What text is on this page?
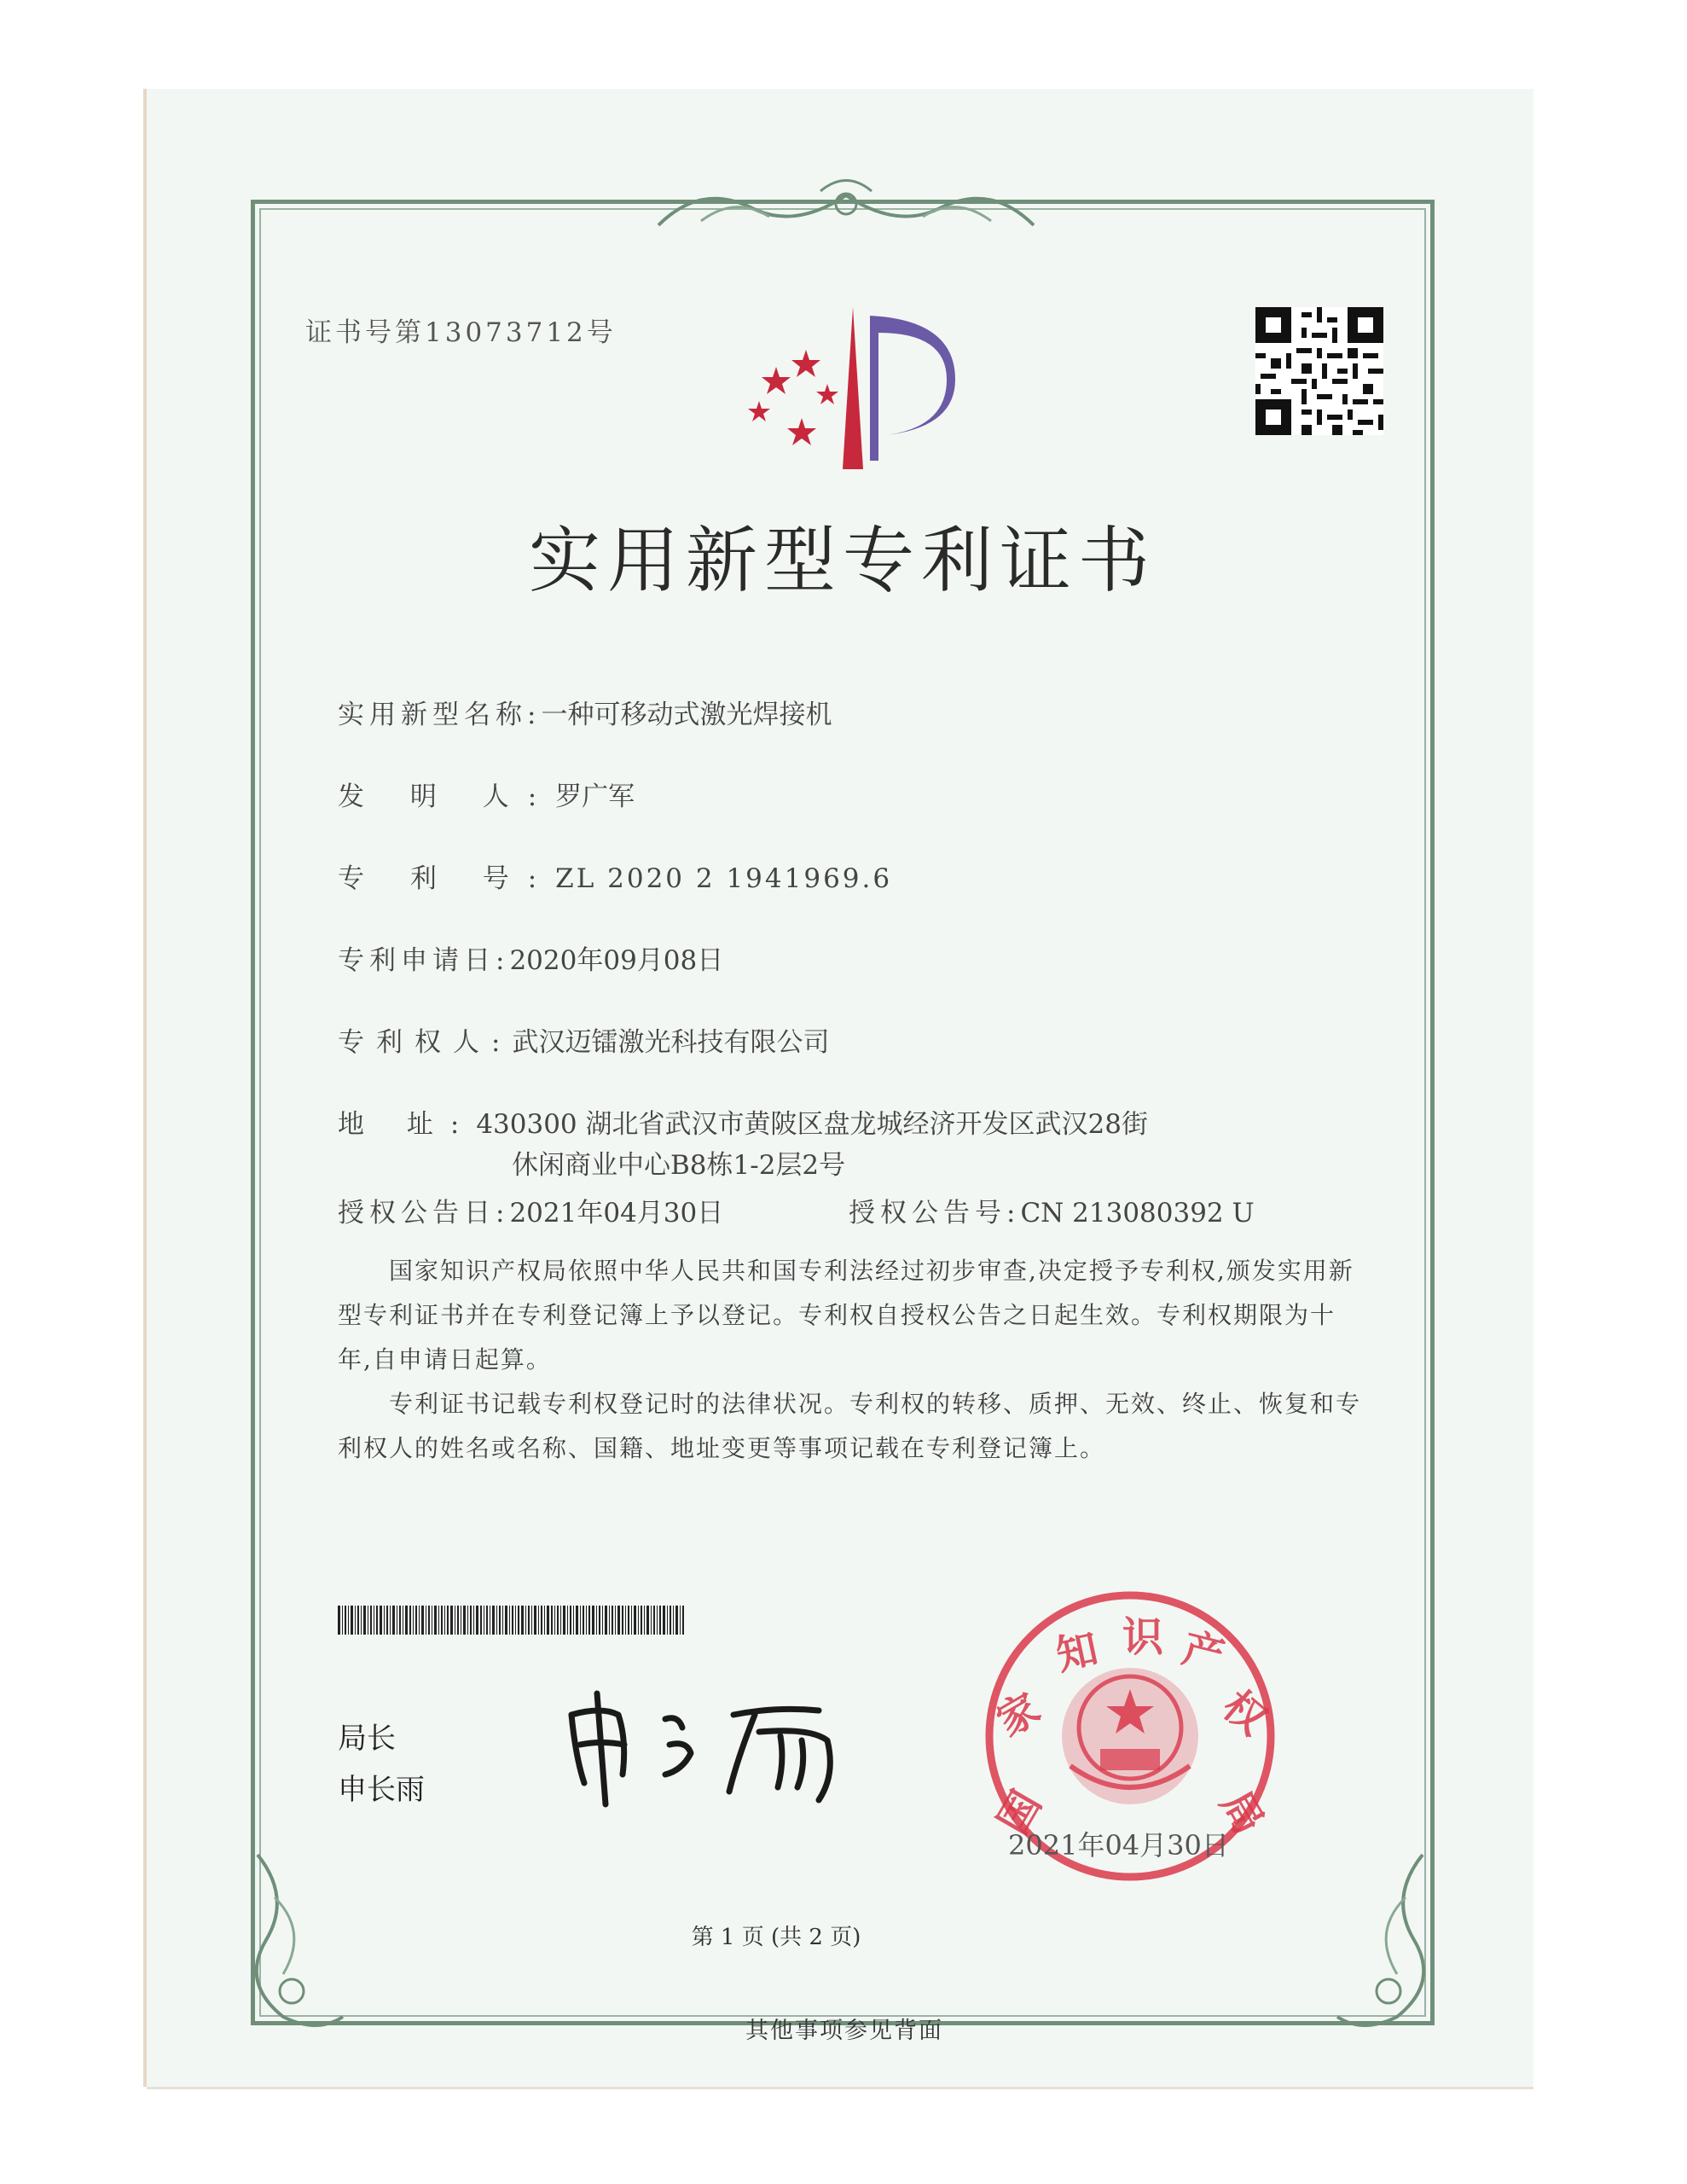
证书号第13073712号
实用新型专利证书
实用新型名称:一种可移动式激光焊接机
发 明 人:罗广军
专 利 号:ZL 2020 2 1941969.6
专利申请日:2020年09月08日
专利权人:武汉迈镭激光科技有限公司
地 址:430300 湖北省武汉市黄陂区盘龙城经济开发区武汉28街
休闲商业中心B8栋1-2层2号
授权公告日:2021年04月30日	授权公告号:CN 213080392 U

国家知识产权局依照中华人民共和国专利法经过初步审查,决定授予专利权,颁发实用新型专利证书并在专利登记簿上予以登记。专利权自授权公告之日起生效。专利权期限为十年,自申请日起算。

专利证书记载专利权登记时的法律状况。专利权的转移、质押、无效、终止、恢复和专利权人的姓名或名称、国籍、地址变更等事项记载在专利登记簿上。

局长
申长雨	国
家
知 识 产
权
局
2021年04月30日
第 1 页 (共 2 页)
其他事项参见背面
